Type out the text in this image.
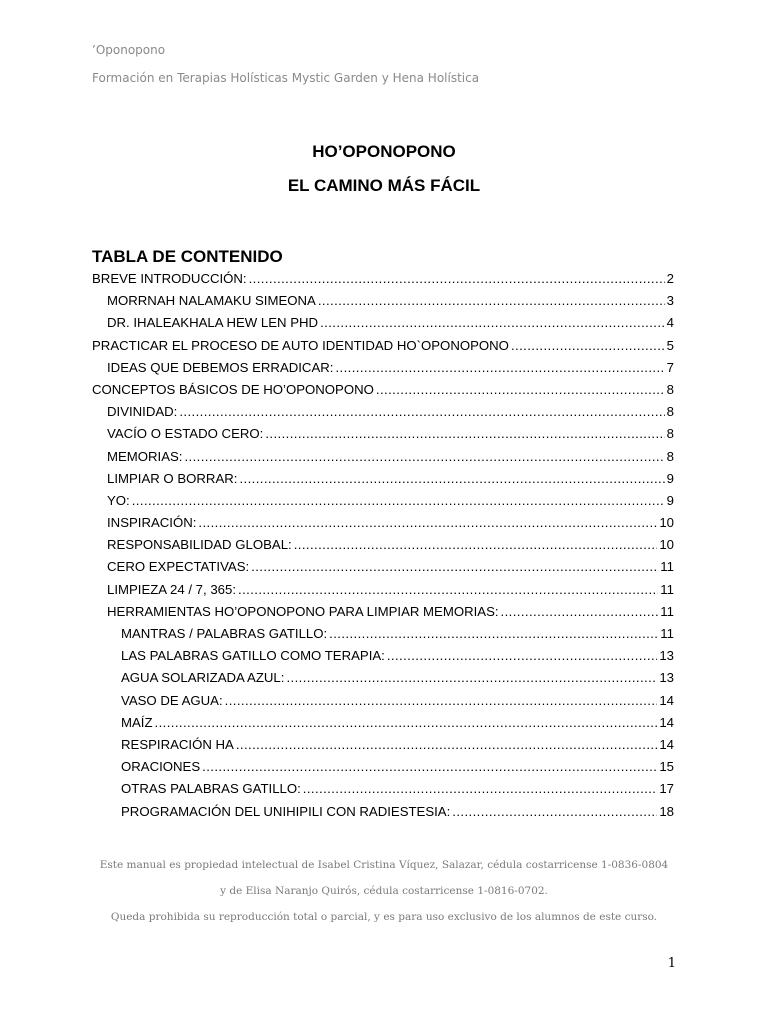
’Oponopono
Formación en Terapias Holísticas Mystic Garden y Hena Holística
HO’OPONOPONO
EL CAMINO MÁS FÁCIL
TABLA DE CONTENIDO
BREVE INTRODUCCIÓN: .....	2
MORRNAH NALAMAKU SIMEONA .....	3
DR. IHALEAKHALA HEW LEN PHD .....	4
PRACTICAR EL PROCESO DE AUTO IDENTIDAD HO`OPONOPONO .....	5
IDEAS QUE DEBEMOS ERRADICAR: .....	7
CONCEPTOS BÁSICOS DE HO’OPONOPONO .....	8
DIVINIDAD: .....	8
VACÍO O ESTADO CERO: .....	8
MEMORIAS: .....	8
LIMPIAR O BORRAR: .....	9
YO: .....	9
INSPIRACIÓN: .....	10
RESPONSABILIDAD GLOBAL: .....	10
CERO EXPECTATIVAS: .....	11
LIMPIEZA 24 / 7, 365: .....	11
HERRAMIENTAS HO’OPONOPONO PARA LIMPIAR MEMORIAS: .....	11
MANTRAS / PALABRAS GATILLO: .....	11
LAS PALABRAS GATILLO COMO TERAPIA: .....	13
AGUA SOLARIZADA AZUL: .....	13
VASO DE AGUA: .....	14
MAÍZ .....	14
RESPIRACIÓN HA .....	14
ORACIONES .....	15
OTRAS PALABRAS GATILLO: .....	17
PROGRAMACIÓN DEL UNIHIPILI CON RADIESTESIA: .....	18
Este manual es propiedad intelectual de Isabel Cristina Víquez, Salazar, cédula costarricense 1-0836-0804
y de Elisa Naranjo Quirós, cédula costarricense 1-0816-0702.
Queda prohibida su reproducción total o parcial, y es para uso exclusivo de los alumnos de este curso.
1
